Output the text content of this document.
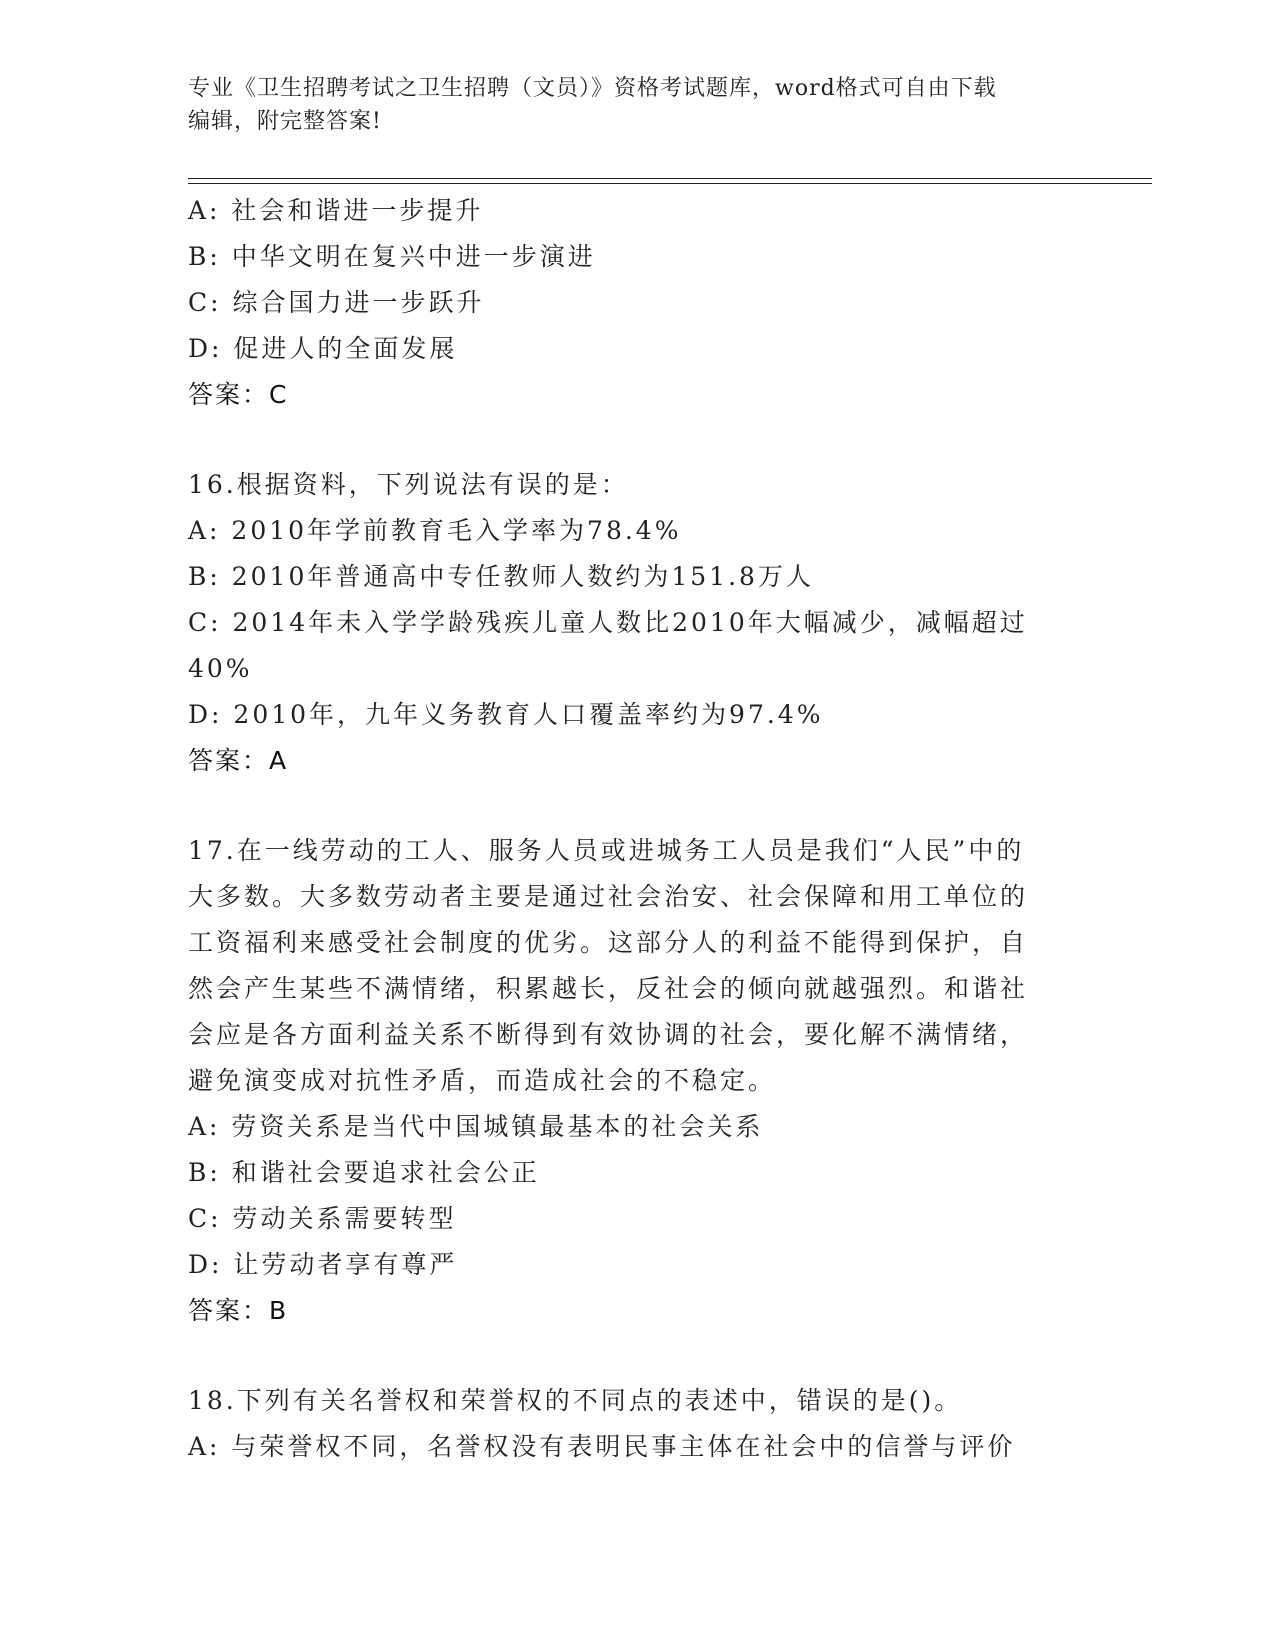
专业《卫生招聘考试之卫生招聘（文员）》资格考试题库，word格式可自由下载

编辑，附完整答案!

A: 社会和谐进一步提升
B: 中华文明在复兴中进一步演进
C: 综合国力进一步跃升
D: 促进人的全面发展
答案：C
16.根据资料，下列说法有误的是：
A: 2010年学前教育毛入学率为78.4%
B: 2010年普通高中专任教师人数约为151.8万人
C: 2014年未入学学龄残疾儿童人数比2010年大幅减少，减幅超过
40%
D: 2010年，九年义务教育人口覆盖率约为97.4%
答案：A
17.在一线劳动的工人、服务人员或进城务工人员是我们“人民”中的
大多数。大多数劳动者主要是通过社会治安、社会保障和用工单位的
工资福利来感受社会制度的优劣。这部分人的利益不能得到保护，自
然会产生某些不满情绪，积累越长，反社会的倾向就越强烈。和谐社
会应是各方面利益关系不断得到有效协调的社会，要化解不满情绪，
避免演变成对抗性矛盾，而造成社会的不稳定。
A: 劳资关系是当代中国城镇最基本的社会关系
B: 和谐社会要追求社会公正
C: 劳动关系需要转型
D: 让劳动者享有尊严
答案：B
18.下列有关名誉权和荣誉权的不同点的表述中，错误的是()。
A: 与荣誉权不同，名誉权没有表明民事主体在社会中的信誉与评价
